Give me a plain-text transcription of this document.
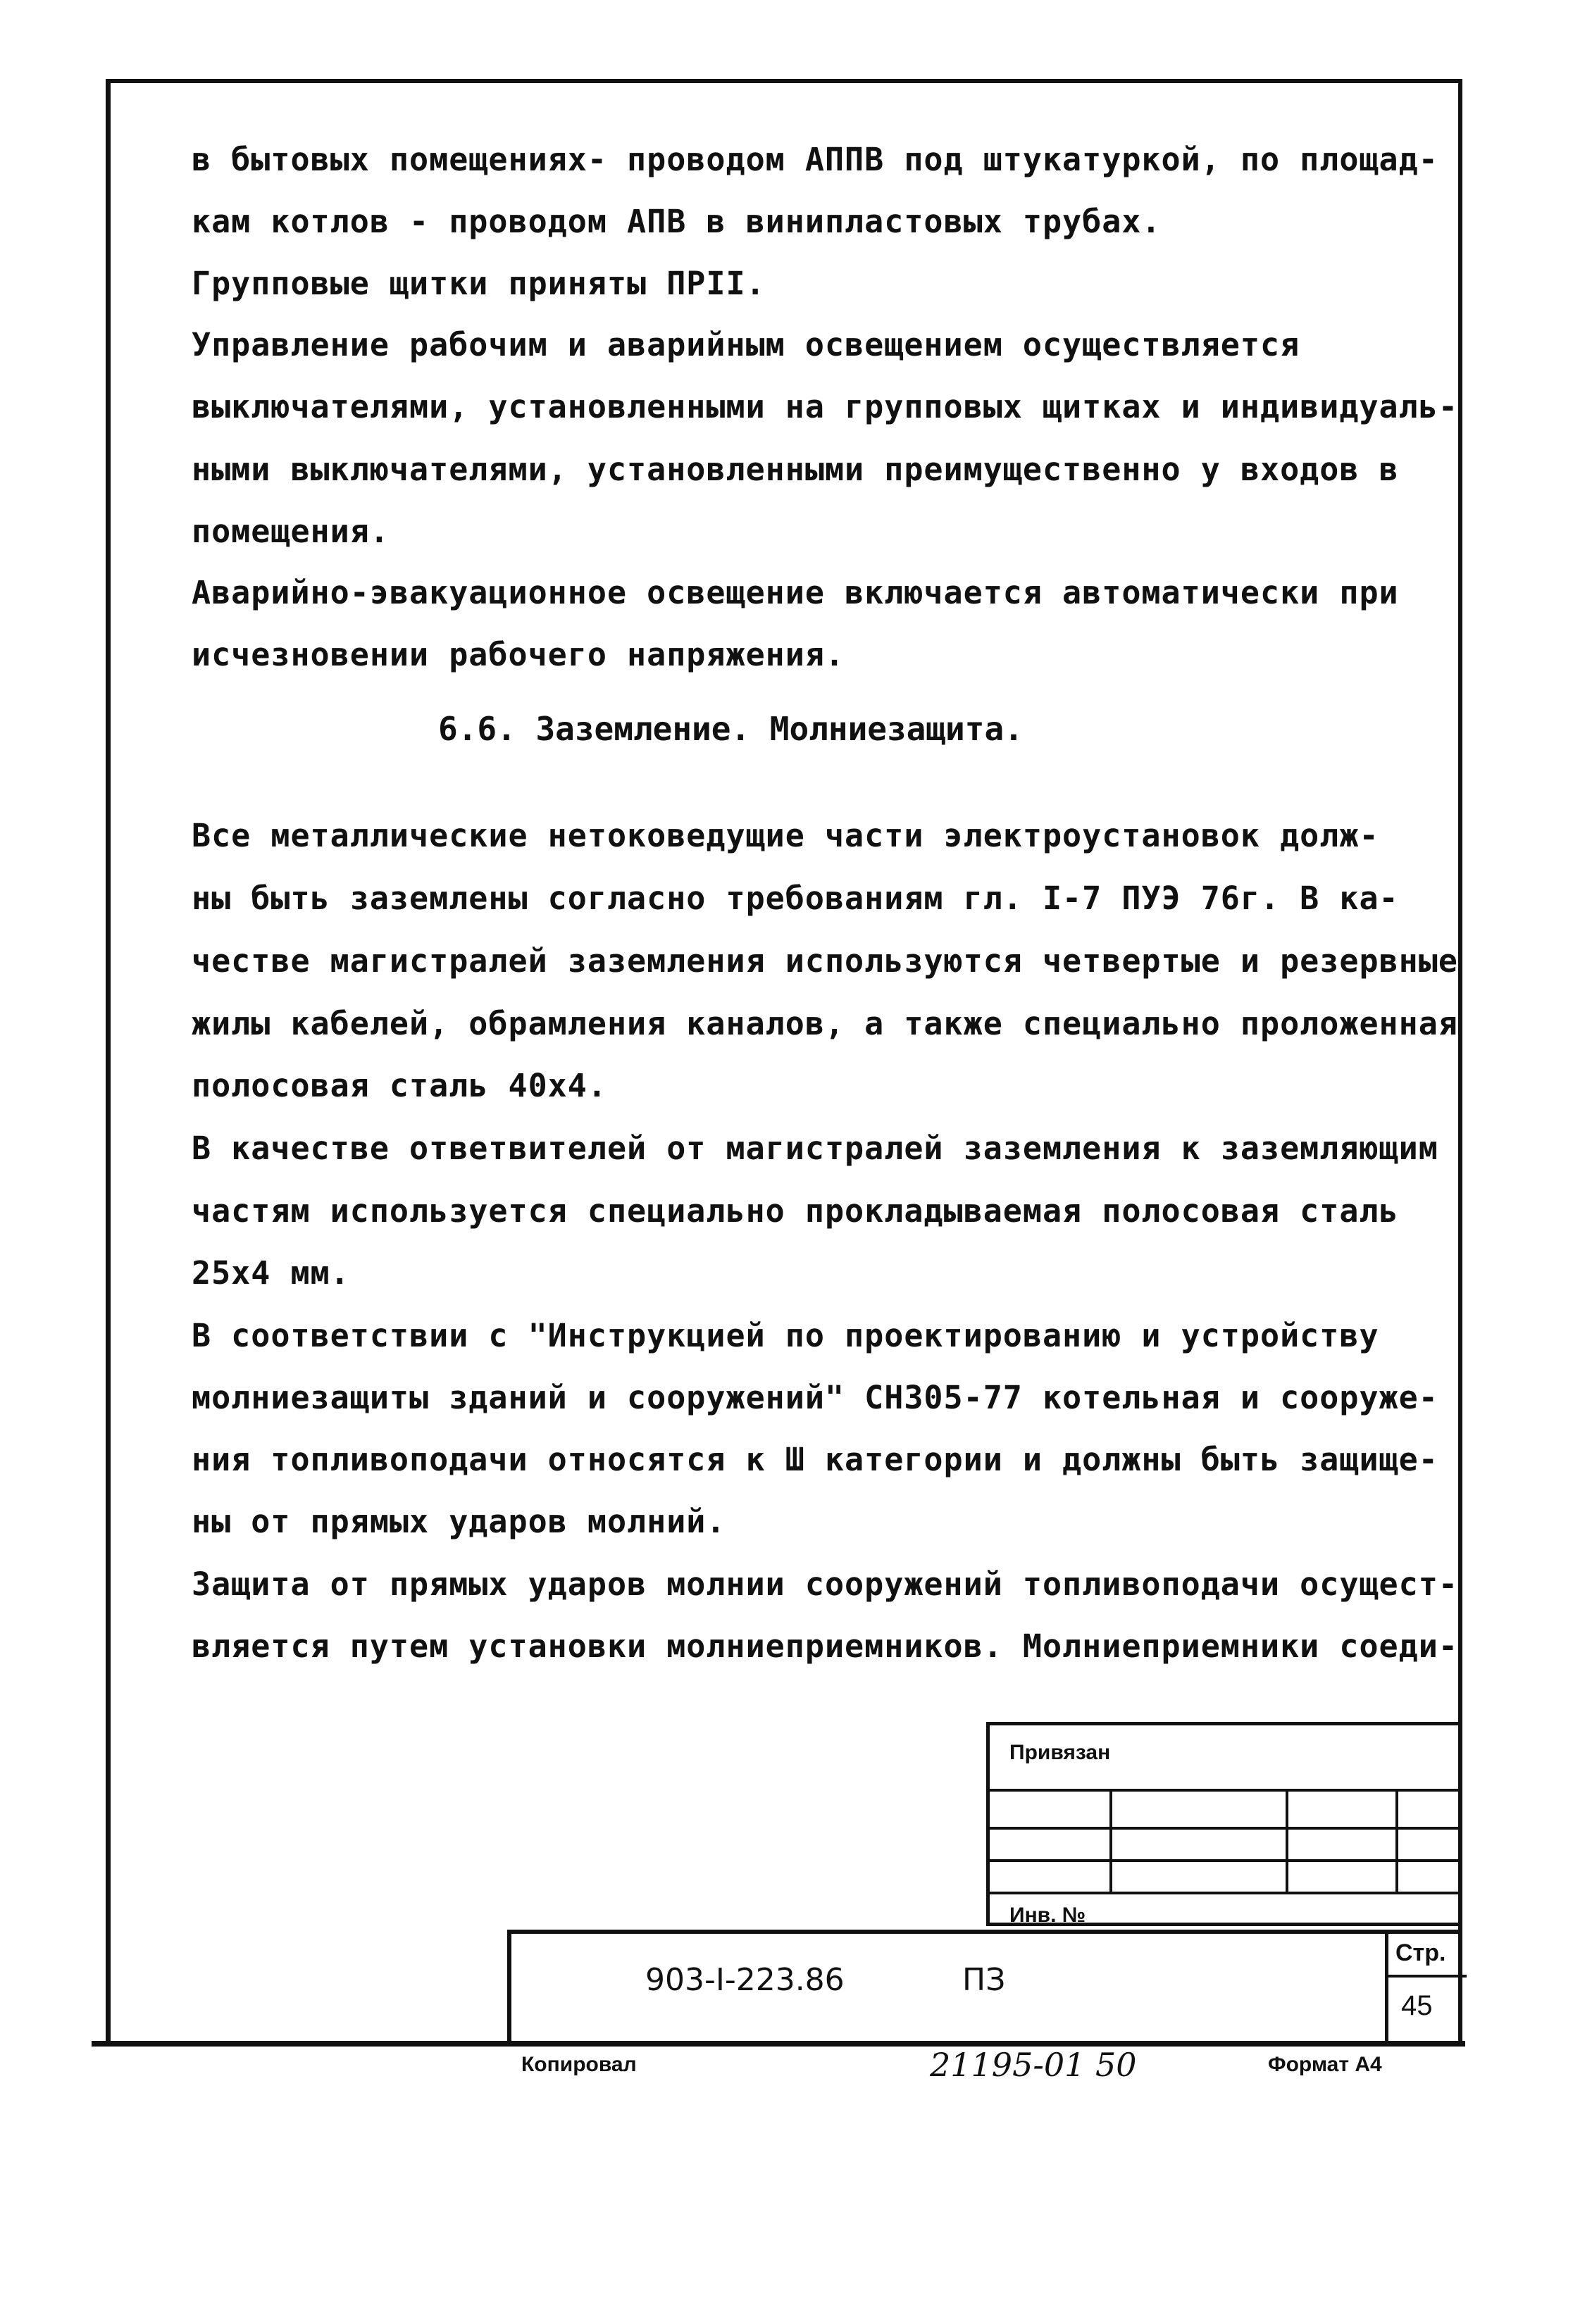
в бытовых помещениях- проводом АППВ под штукатуркой, по площад-
кам котлов - проводом АПВ в винипластовых трубах.
Групповые щитки приняты ПРII.
Управление рабочим и аварийным освещением осуществляется
выключателями, установленными на групповых щитках и индивидуаль-
ными выключателями, установленными преимущественно у входов в
помещения.
Аварийно-эвакуационное освещение включается автоматически при
исчезновении рабочего напряжения.
6.6. Заземление. Молниезащита.
Все металлические нетоковедущие части электроустановок долж-
ны быть заземлены согласно требованиям гл. I-7 ПУЭ 76г. В ка-
честве магистралей заземления используются четвертые и резервные
жилы кабелей, обрамления каналов, а также специально проложенная
полосовая сталь 40х4.
В качестве ответвителей от магистралей заземления к заземляющим
частям используется специально прокладываемая полосовая сталь
25х4 мм.
В соответствии с "Инструкцией по проектированию и устройству
молниезащиты зданий и сооружений" СН305-77 котельная и сооруже-
ния топливоподачи относятся к Ш категории и должны быть защище-
ны от прямых ударов молний.
Защита от прямых ударов молнии сооружений топливоподачи осущест-
вляется путем установки молниеприемников. Молниеприемники соеди-
Привязан
Инв. №
903-I-223.86	ПЗ
Стр.
45
Копировал	21195-01 50	Формат А4
